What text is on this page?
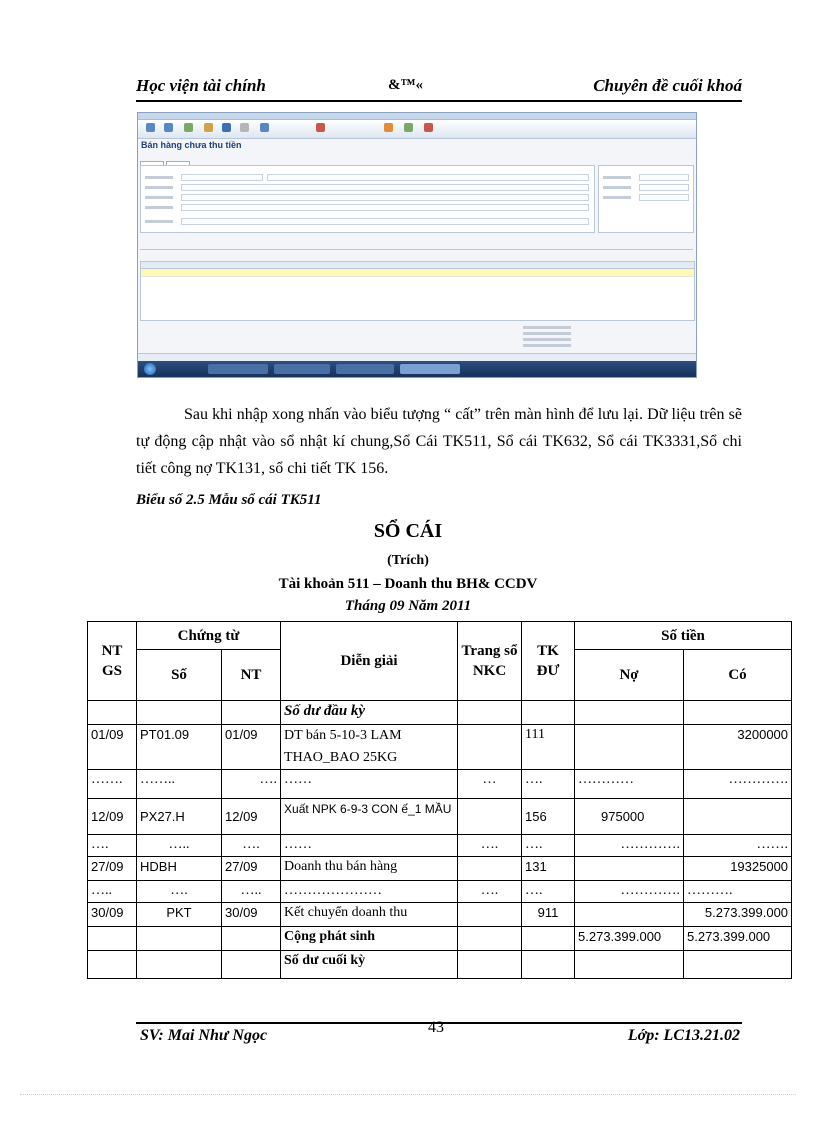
Học viện tài chính	&™«	Chuyên đề cuối khoá
Bán hàng chưa thu tiền
Sau khi nhập xong nhấn vào biểu tượng “ cất” trên màn hình để lưu lại. Dữ liệu trên sẽ tự động cập nhật vào sổ nhật kí chung,Sổ Cái TK511, Sổ cái TK632, Sổ cái TK3331,Sổ chi tiết công nợ TK131, sổ chi tiết TK 156.
Biểu số 2.5 Mẫu sổ cái TK511
SỔ CÁI
(Trích)
Tài khoản 511 – Doanh thu BH& CCDV
Tháng 09 Năm 2011
NT GS	Chứng từ		Diễn giải	Trang sổ NKC	TK ĐƯ	Số tiền	
	Số	NT				Nợ	Có
			Số dư đầu kỳ				
01/09	PT01.09	01/09	DT bán 5-10-3 LAM THAO_BAO 25KG		111		3200000
…….	……..	….	……	…	….	…………	………….
12/09	PX27.H	12/09	Xuất NPK 6-9-3 CON ế_1 MẦU		156	975000	
….	…..	….	……	….	….	………….	…….
27/09	HDBH	27/09	Doanh thu bán hàng		131		19325000
…..	….	…..	…………………	….	….	………….	……….
30/09	PKT	30/09	Kết chuyển doanh thu		911		5.273.399.000
			Cộng phát sinh			5.273.399.000	5.273.399.000
			Số dư cuối kỳ				
SV: Mai Như Ngọc	43	Lớp: LC13.21.02
